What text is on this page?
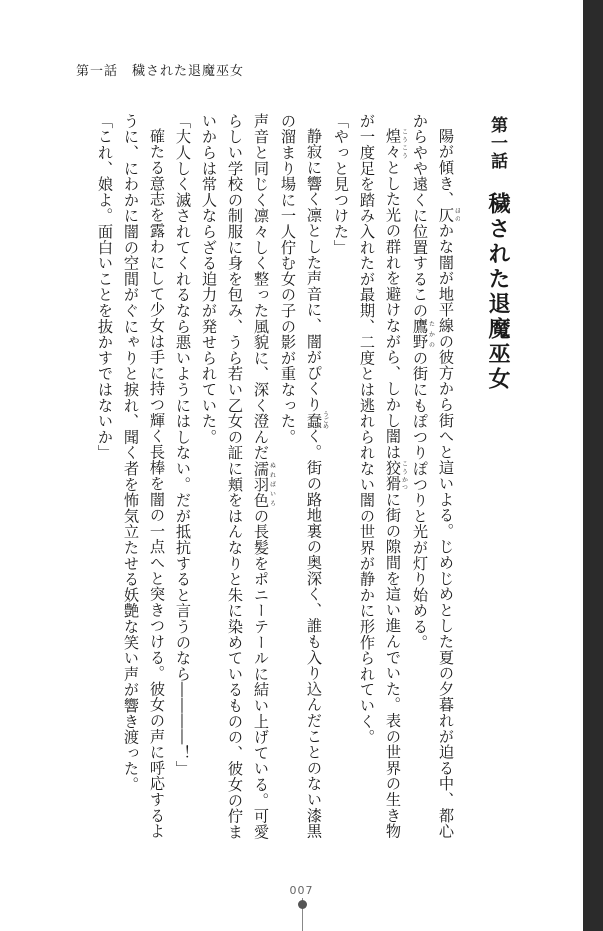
第一話 穢された退魔巫女
第一話
穢された退魔巫女

陽が傾き、仄ほのかな闇が地平線の彼方から街へと這いよる。じめじめとした夏の夕暮れが迫る中、都心からやや遠くに位置するこの鷹野たかのの街にもぽつりぽつりと光が灯り始める。

煌々こうこうとした光の群れを避けながら、しかし闇は狡猾こうかつに街の隙間を這い進んでいた。表の世界の生き物が一度足を踏み入れたが最期、二度とは逃れられない闇の世界が静かに形作られていく。

「やっと見つけた」

静寂に響く凛とした声音に、闇がぴくり蠢うごめく。街の路地裏の奥深く、誰も入り込んだことのない漆黒の溜まり場に一人佇む女の子の影が重なった。

声音と同じく凛々しく整った風貌に、深く澄んだ濡羽色ぬればいろの長髪をポニーテールに結い上げている。可愛らしい学校の制服に身を包み、うら若い乙女の証に頬をはんなりと朱に染めているものの、彼女の佇まいからは常人ならざる迫力が発せられていた。

「大人しく滅されてくれるなら悪いようにはしない。だが抵抗すると言うのなら――――！」

確たる意志を露わにして少女は手に持つ輝く長棒を闇の一点へと突きつける。彼女の声に呼応するように、にわかに闇の空間がぐにゃりと捩れ、聞く者を怖気立たせる妖艶な笑い声が響き渡った。

「これ、娘よ。面白いことを抜かすではないか」

007
